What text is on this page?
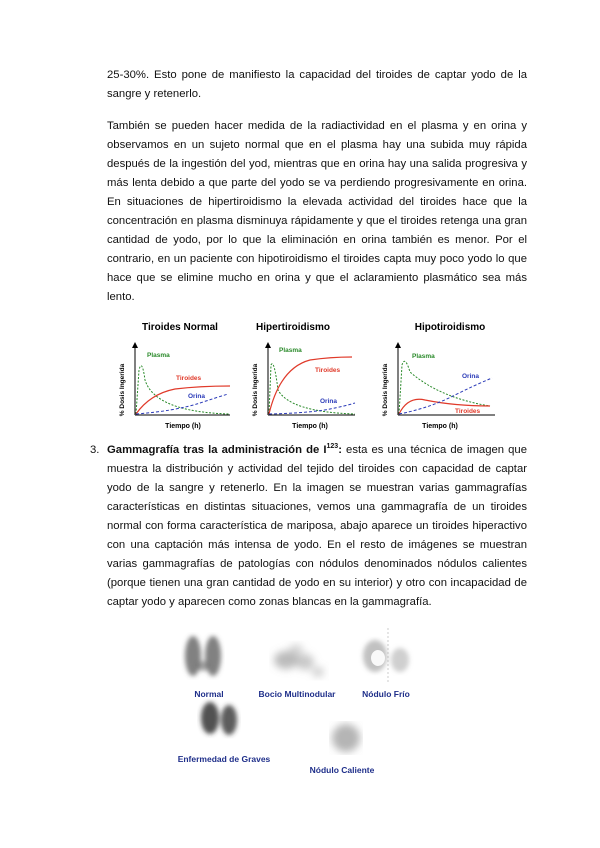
25-30%. Esto pone de manifiesto la capacidad del tiroides de captar yodo de la sangre y retenerlo.
También se pueden hacer medida de la radiactividad en el plasma y en orina y observamos en un sujeto normal que en el plasma hay una subida muy rápida después de la ingestión del yod, mientras que en orina hay una salida progresiva y más lenta debido a que parte del yodo se va perdiendo progresivamente en orina. En situaciones de hipertiroidismo la elevada actividad del tiroides hace que la concentración en plasma disminuya rápidamente y que el tiroides retenga una gran cantidad de yodo, por lo que la eliminación en orina también es menor. Por el contrario, en un paciente con hipotiroidismo el tiroides capta muy poco yodo lo que hace que se elimine mucho en orina y que el aclaramiento plasmático sea más lento.
Tiroides Normal
% Dosis Ingerida
Plasma
Tiroides
Orina
Tiempo (h)
Hipertiroidismo
% Dosis Ingerida
Plasma
Tiroides
Orina
Tiempo (h)
Hipotiroidismo
% Dosis Ingerida
Plasma
Orina
Tiroides
Tiempo (h)
3. Gammagrafía tras la administración de $I^{123}$: esta es una técnica de imagen que muestra la distribución y actividad del tejido del tiroides con capacidad de captar yodo de la sangre y retenerlo. En la imagen se muestran varias gammagrafías características en distintas situaciones, vemos una gammagrafía de un tiroides normal con forma característica de mariposa, abajo aparece un tiroides hiperactivo con una captación más intensa de yodo. En el resto de imágenes se muestran varias gammagrafías de patologías con nódulos denominados nódulos calientes (porque tienen una gran cantidad de yodo en su interior) y otro con incapacidad de captar yodo y aparecen como zonas blancas en la gammagrafía.
Normal	Bocio Multinodular	Nódulo Frío
Enfermedad de Graves
Nódulo Caliente
